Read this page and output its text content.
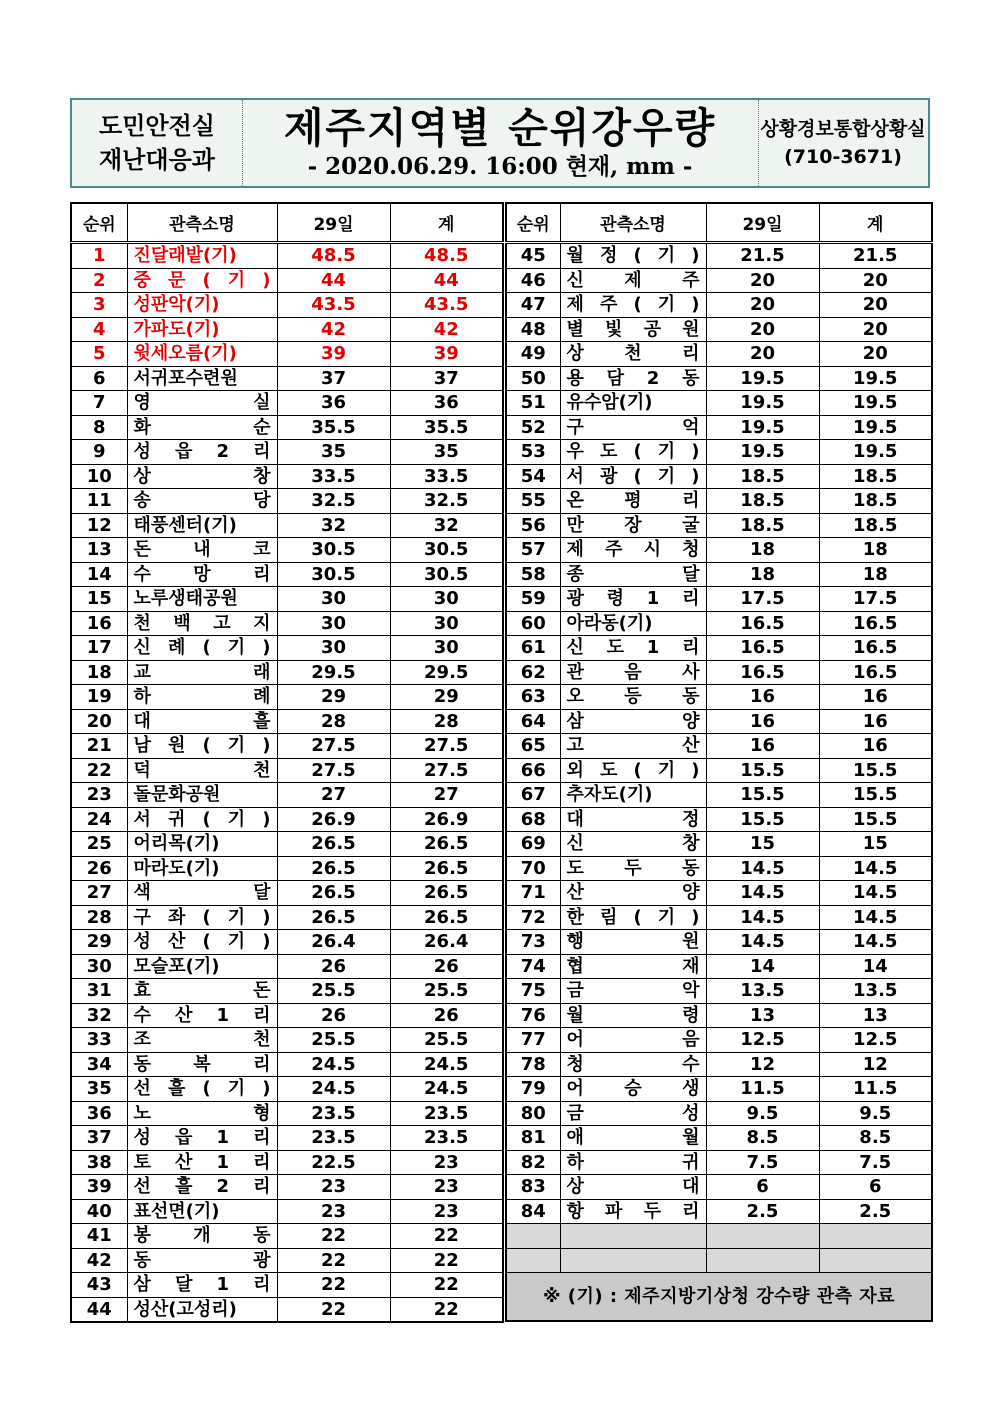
도민안전실
재난대응과
제주지역별 순위강우량
- 2020.06.29. 16:00 현재, mm -
상황경보통합상황실
(710-3671)
순위	관측소명	29일	계
1	진달래밭(기)	48.5	48.5
2	중 문 ( 기 )	44	44
3	성판악(기)	43.5	43.5
4	가파도(기)	42	42
5	윗세오름(기)	39	39
6	서귀포수련원	37	37
7	영 실	36	36
8	화 순	35.5	35.5
9	성 읍 2 리	35	35
10	상 창	33.5	33.5
11	송 당	32.5	32.5
12	태풍센터(기)	32	32
13	돈 내 코	30.5	30.5
14	수 망 리	30.5	30.5
15	노루생태공원	30	30
16	천 백 고 지	30	30
17	신 례 ( 기 )	30	30
18	교 래	29.5	29.5
19	하 례	29	29
20	대 흘	28	28
21	남 원 ( 기 )	27.5	27.5
22	덕 천	27.5	27.5
23	돌문화공원	27	27
24	서 귀 ( 기 )	26.9	26.9
25	어리목(기)	26.5	26.5
26	마라도(기)	26.5	26.5
27	색 달	26.5	26.5
28	구 좌 ( 기 )	26.5	26.5
29	성 산 ( 기 )	26.4	26.4
30	모슬포(기)	26	26
31	효 돈	25.5	25.5
32	수 산 1 리	26	26
33	조 천	25.5	25.5
34	동 복 리	24.5	24.5
35	선 흘 ( 기 )	24.5	24.5
36	노 형	23.5	23.5
37	성 읍 1 리	23.5	23.5
38	토 산 1 리	22.5	23
39	선 흘 2 리	23	23
40	표선면(기)	23	23
41	봉 개 동	22	22
42	동 광	22	22
43	삼 달 1 리	22	22
44	성산(고성리)	22	22
순위	관측소명	29일	계
45	월 정 ( 기 )	21.5	21.5
46	신 제 주	20	20
47	제 주 ( 기 )	20	20
48	별 빛 공 원	20	20
49	상 천 리	20	20
50	용 담 2 동	19.5	19.5
51	유수암(기)	19.5	19.5
52	구 억	19.5	19.5
53	우 도 ( 기 )	19.5	19.5
54	서 광 ( 기 )	18.5	18.5
55	온 평 리	18.5	18.5
56	만 장 굴	18.5	18.5
57	제 주 시 청	18	18
58	종 달	18	18
59	광 령 1 리	17.5	17.5
60	아라동(기)	16.5	16.5
61	신 도 1 리	16.5	16.5
62	관 음 사	16.5	16.5
63	오 등 동	16	16
64	삼 양	16	16
65	고 산	16	16
66	외 도 ( 기 )	15.5	15.5
67	추자도(기)	15.5	15.5
68	대 정	15.5	15.5
69	신 창	15	15
70	도 두 동	14.5	14.5
71	산 양	14.5	14.5
72	한 림 ( 기 )	14.5	14.5
73	행 원	14.5	14.5
74	협 재	14	14
75	금 악	13.5	13.5
76	월 령	13	13
77	어 음	12.5	12.5
78	청 수	12	12
79	어 승 생	11.5	11.5
80	금 성	9.5	9.5
81	애 월	8.5	8.5
82	하 귀	7.5	7.5
83	상 대	6	6
84	항 파 두 리	2.5	2.5

※ (기) : 제주지방기상청 강수량 관측 자료			
